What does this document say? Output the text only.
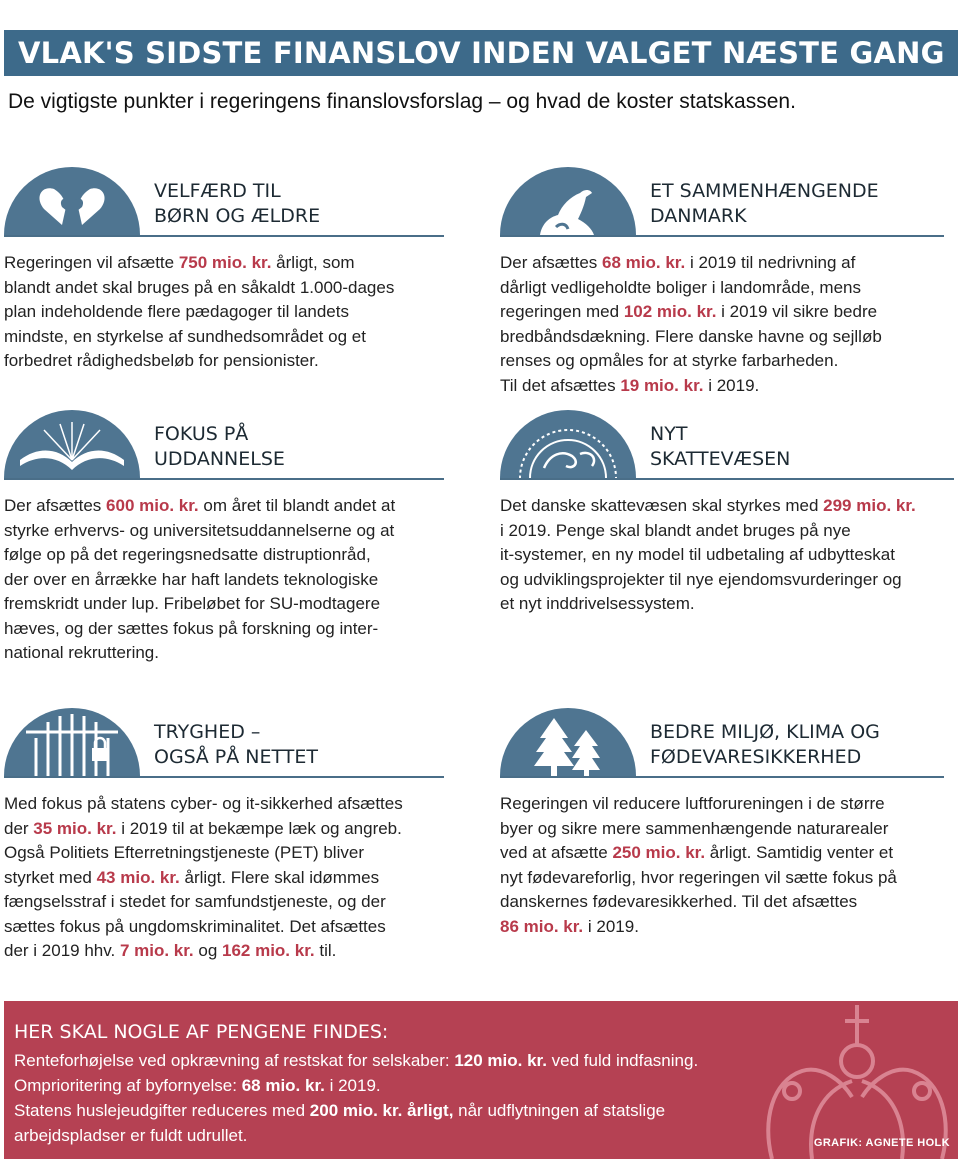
VLAK'S SIDSTE FINANSLOV INDEN VALGET NÆSTE GANG
De vigtigste punkter i regeringens finanslovsforslag – og hvad de koster statskassen.
VELFÆRD TIL
BØRN OG ÆLDRE
Regeringen vil afsætte 750 mio. kr. årligt, som
blandt andet skal bruges på en såkaldt 1.000-dages
plan indeholdende flere pædagoger til landets
mindste, en styrkelse af sundhedsområdet og et
forbedret rådighedsbeløb for pensionister.
ET SAMMENHÆNGENDE
DANMARK
Der afsættes 68 mio. kr. i 2019 til nedrivning af
dårligt vedligeholdte boliger i landområde, mens
regeringen med 102 mio. kr. i 2019 vil sikre bedre
bredbåndsdækning. Flere danske havne og sejlløb
renses og opmåles for at styrke farbarheden.
Til det afsættes 19 mio. kr. i 2019.
FOKUS PÅ
UDDANNELSE
Der afsættes 600 mio. kr. om året til blandt andet at
styrke erhvervs- og universitetsuddannelserne og at
følge op på det regeringsnedsatte distruptionråd,
der over en årrække har haft landets teknologiske
fremskridt under lup. Fribeløbet for SU-modtagere
hæves, og der sættes fokus på forskning og inter-
national rekruttering.
NYT
SKATTEVÆSEN
Det danske skattevæsen skal styrkes med 299 mio. kr.
i 2019. Penge skal blandt andet bruges på nye
it-systemer, en ny model til udbetaling af udbytteskat
og udviklingsprojekter til nye ejendomsvurderinger og
et nyt inddrivelsessystem.
TRYGHED –
OGSÅ PÅ NETTET
Med fokus på statens cyber- og it-sikkerhed afsættes
der 35 mio. kr. i 2019 til at bekæmpe læk og angreb.
Også Politiets Efterretningstjeneste (PET) bliver
styrket med 43 mio. kr. årligt. Flere skal idømmes
fængselsstraf i stedet for samfundstjeneste, og der
sættes fokus på ungdomskriminalitet. Det afsættes
der i 2019 hhv. 7 mio. kr. og 162 mio. kr. til.
BEDRE MILJØ, KLIMA OG
FØDEVARESIKKERHED
Regeringen vil reducere luftforureningen i de større
byer og sikre mere sammenhængende naturarealer
ved at afsætte 250 mio. kr. årligt. Samtidig venter et
nyt fødevareforlig, hvor regeringen vil sætte fokus på
danskernes fødevaresikkerhed. Til det afsættes
86 mio. kr. i 2019.
HER SKAL NOGLE AF PENGENE FINDES:
Renteforhøjelse ved opkrævning af restskat for selskaber: 120 mio. kr. ved fuld indfasning.
Omprioritering af byfornyelse: 68 mio. kr. i 2019.
Statens huslejeudgifter reduceres med 200 mio. kr. årligt, når udflytningen af statslige
arbejdspladser er fuldt udrullet.	GRAFIK: AGNETE HOLK
